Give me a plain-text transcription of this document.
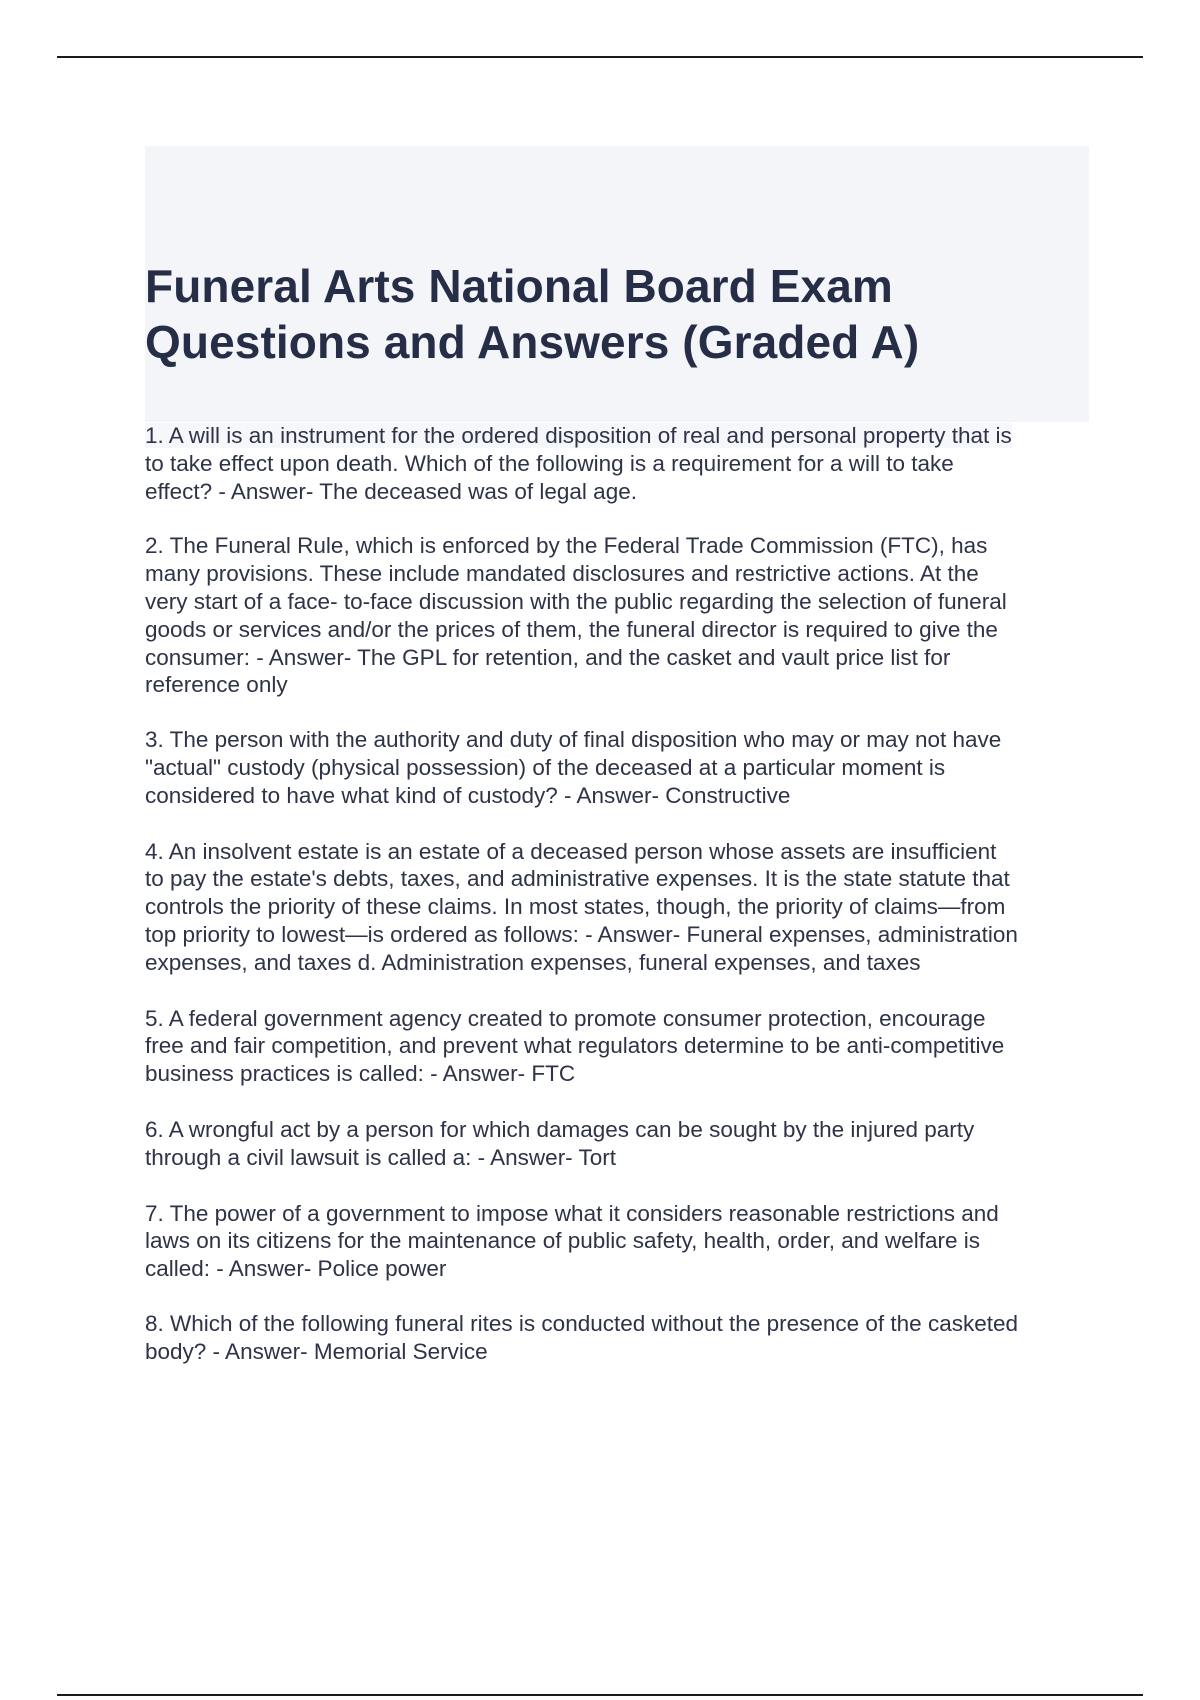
Funeral Arts National Board Exam
Questions and Answers (Graded A)

1. A will is an instrument for the ordered disposition of real and personal property that is
to take effect upon death. Which of the following is a requirement for a will to take
effect? - Answer- The deceased was of legal age.

2. The Funeral Rule, which is enforced by the Federal Trade Commission (FTC), has
many provisions. These include mandated disclosures and restrictive actions. At the
very start of a face- to-face discussion with the public regarding the selection of funeral
goods or services and/or the prices of them, the funeral director is required to give the
consumer: - Answer- The GPL for retention, and the casket and vault price list for
reference only

3. The person with the authority and duty of final disposition who may or may not have
"actual" custody (physical possession) of the deceased at a particular moment is
considered to have what kind of custody? - Answer- Constructive

4. An insolvent estate is an estate of a deceased person whose assets are insufficient
to pay the estate's debts, taxes, and administrative expenses. It is the state statute that
controls the priority of these claims. In most states, though, the priority of claims—from
top priority to lowest—is ordered as follows: - Answer- Funeral expenses, administration
expenses, and taxes d. Administration expenses, funeral expenses, and taxes

5. A federal government agency created to promote consumer protection, encourage
free and fair competition, and prevent what regulators determine to be anti-competitive
business practices is called: - Answer- FTC

6. A wrongful act by a person for which damages can be sought by the injured party
through a civil lawsuit is called a: - Answer- Tort

7. The power of a government to impose what it considers reasonable restrictions and
laws on its citizens for the maintenance of public safety, health, order, and welfare is
called: - Answer- Police power

8. Which of the following funeral rites is conducted without the presence of the casketed
body? - Answer- Memorial Service
